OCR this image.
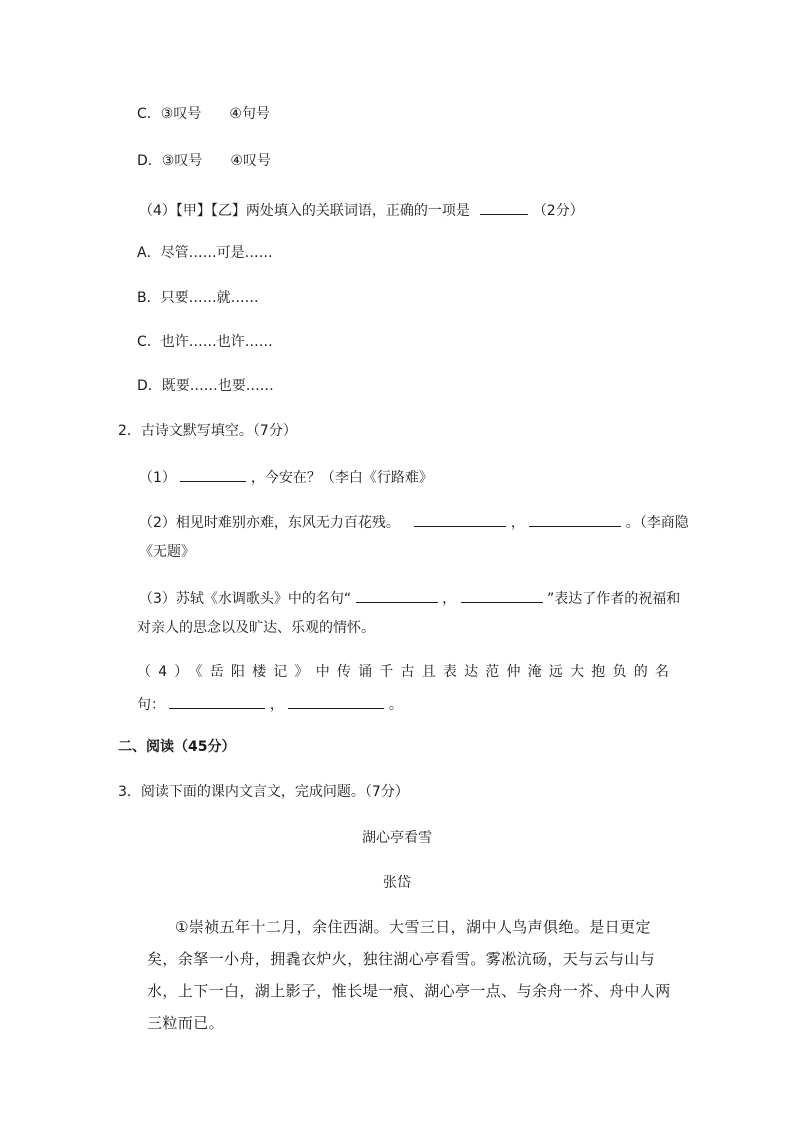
C．③叹号　　④句号
D．③叹号　　④叹号
（4）【甲】【乙】两处填入的关联词语，正确的一项是	（2分）
A．尽管……可是……
B．只要……就……
C．也许……也许……
D．既要……也要……
2．古诗文默写填空。（7分）
（1）	，今安在？（李白《行路难》
（2）相见时难别亦难，东风无力百花残。	，	。（李商隐
《无题》
（3）苏轼《水调歌头》中的名句“	，	”表达了作者的祝福和
对亲人的思念以及旷达、乐观的情怀。
（4）《岳阳楼记》中传诵千古且表达范仲淹远大抱负的名
句：	，	。
二、阅读（45分）
3．阅读下面的课内文言文，完成问题。（7分）
湖心亭看雪
张岱
①崇祯五年十二月，余住西湖。大雪三日，湖中人鸟声俱绝。是日更定矣，余拏一小舟，拥毳衣炉火，独往湖心亭看雪。雾凇沆砀，天与云与山与水，上下一白，湖上影子，惟长堤一痕、湖心亭一点、与余舟一芥、舟中人两三粒而已。
